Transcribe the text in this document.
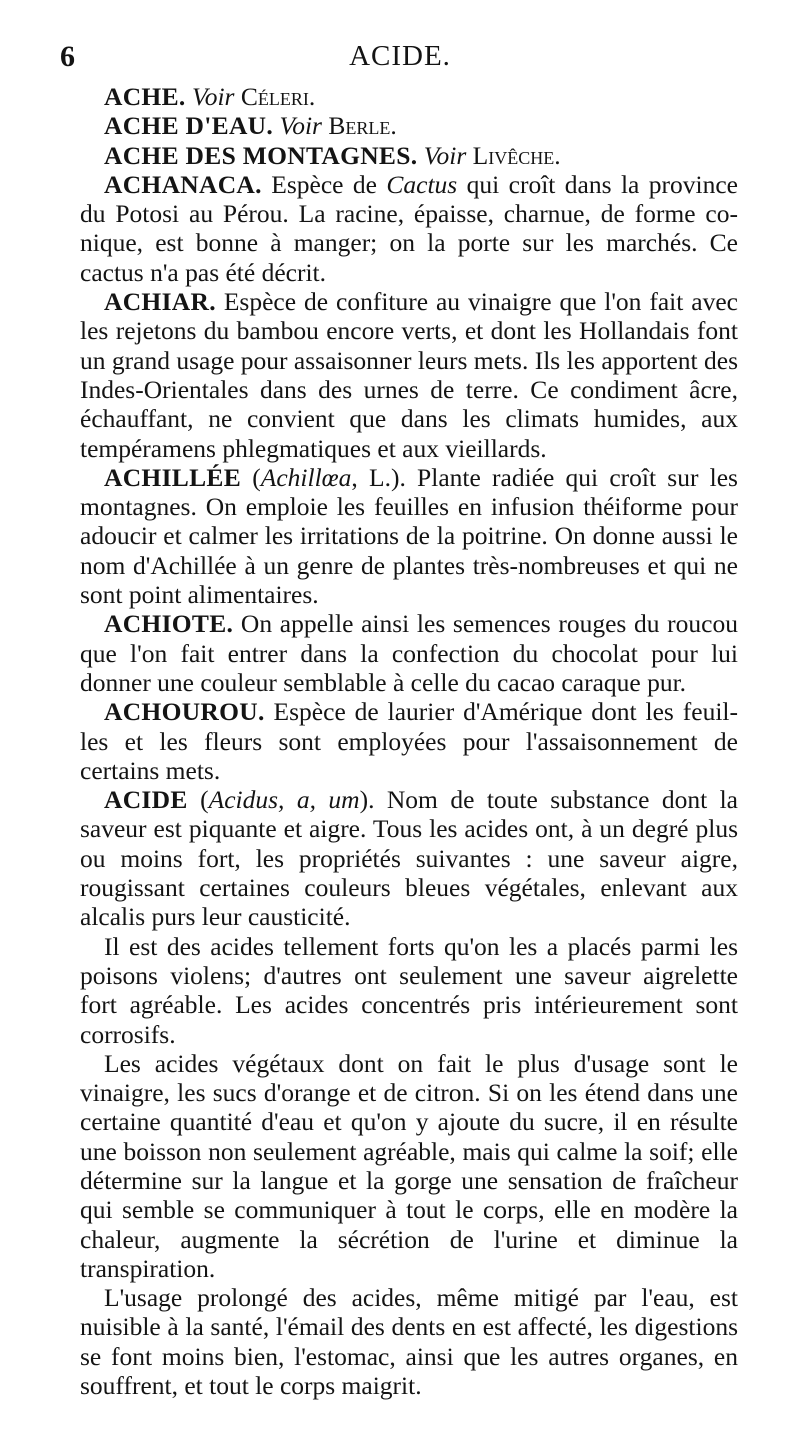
6	ACIDE.

ACHE. Voir Céleri.

ACHE D'EAU. Voir Berle.

ACHE DES MONTAGNES. Voir Livêche.

ACHANACA. Espèce de Cactus qui croît dans la province du Potosi au Pérou. La racine, épaisse, charnue, de forme conique, est bonne à manger; on la porte sur les marchés. Ce cactus n'a pas été décrit.

ACHIAR. Espèce de confiture au vinaigre que l'on fait avec les rejetons du bambou encore verts, et dont les Hollandais font un grand usage pour assaisonner leurs mets. Ils les apportent des Indes-Orientales dans des urnes de terre. Ce condiment âcre, échauffant, ne convient que dans les climats humides, aux tempéramens phlegmatiques et aux vieillards.

ACHILLÉE (Achillœa, L.). Plante radiée qui croît sur les montagnes. On emploie les feuilles en infusion théiforme pour adoucir et calmer les irritations de la poitrine. On donne aussi le nom d'Achillée à un genre de plantes très-nombreuses et qui ne sont point alimentaires.

ACHIOTE. On appelle ainsi les semences rouges du roucou que l'on fait entrer dans la confection du chocolat pour lui donner une couleur semblable à celle du cacao caraque pur.

ACHOUROU. Espèce de laurier d'Amérique dont les feuilles et les fleurs sont employées pour l'assaisonnement de certains mets.

ACIDE (Acidus, a, um). Nom de toute substance dont la saveur est piquante et aigre. Tous les acides ont, à un degré plus ou moins fort, les propriétés suivantes : une saveur aigre, rougissant certaines couleurs bleues végétales, enlevant aux alcalis purs leur causticité.

Il est des acides tellement forts qu'on les a placés parmi les poisons violens; d'autres ont seulement une saveur aigrelette fort agréable. Les acides concentrés pris intérieurement sont corrosifs.

Les acides végétaux dont on fait le plus d'usage sont le vinaigre, les sucs d'orange et de citron. Si on les étend dans une certaine quantité d'eau et qu'on y ajoute du sucre, il en résulte une boisson non seulement agréable, mais qui calme la soif; elle détermine sur la langue et la gorge une sensation de fraîcheur qui semble se communiquer à tout le corps, elle en modère la chaleur, augmente la sécrétion de l'urine et diminue la transpiration.

L'usage prolongé des acides, même mitigé par l'eau, est nuisible à la santé, l'émail des dents en est affecté, les digestions se font moins bien, l'estomac, ainsi que les autres organes, en souffrent, et tout le corps maigrit.
